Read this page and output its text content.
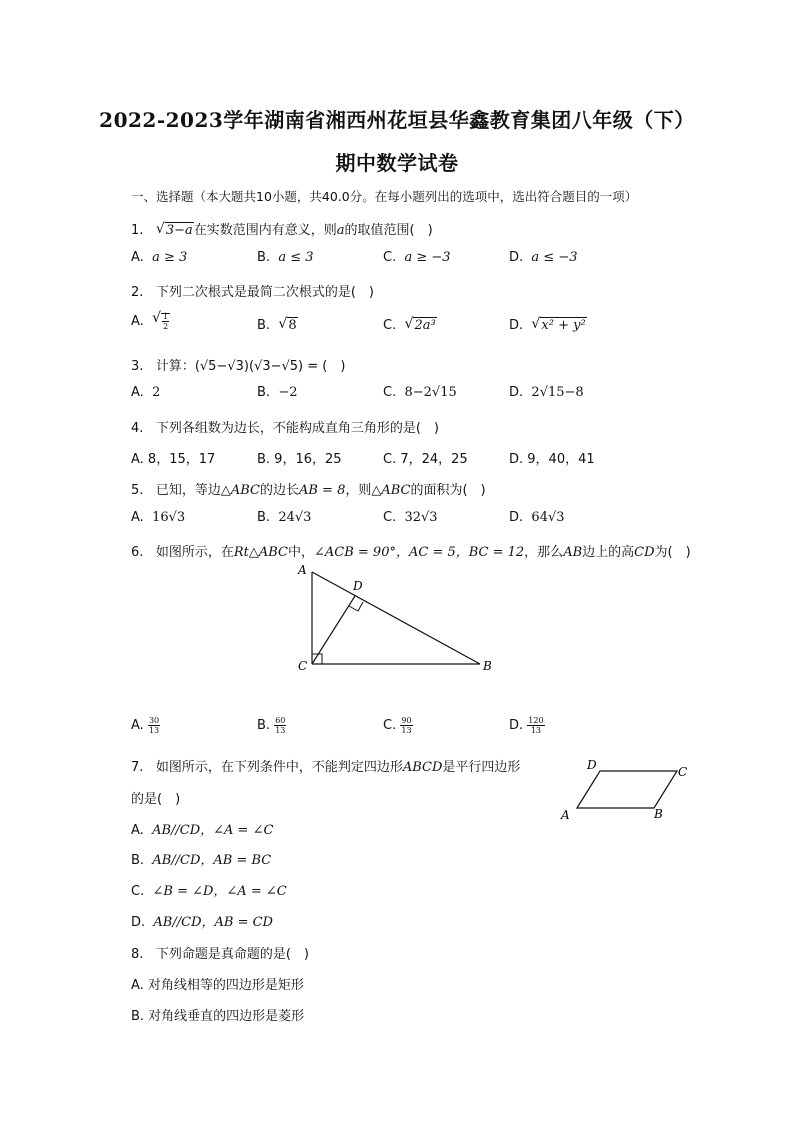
2022-2023学年湖南省湘西州花垣县华鑫教育集团八年级（下）
期中数学试卷
一、选择题（本大题共10小题，共40.0分。在每小题列出的选项中，选出符合题目的一项）
1. √ 3−a在实数范围内有意义，则a的取值范围(　)
A. a ≥ 3	B. a ≤ 3	C. a ≥ −3	D. a ≤ −3
2. 下列二次根式是最简二次根式的是(　)
A. √ $\frac{1}{2}$	B. √ 8	C. √ 2a³	D. √ x² + y²
3. 计算：(√5−√3)(√3−√5) = (　)
A. 2	B. −2	C. 8−2√15	D. 2√15−8
4. 下列各组数为边长，不能构成直角三角形的是(　)
A. 8，15，17	B. 9，16，25	C. 7，24，25	D. 9，40，41
5. 已知，等边△ABC的边长AB = 8，则△ABC的面积为(　)
A. 16√3	B. 24√3	C. 32√3	D. 64√3
6. 如图所示，在Rt△ABC中，∠ACB = 90°，AC = 5，BC = 12，那么AB边上的高CD为(　)
A
D
C	B
A. $\frac{30}{13}$	B. $\frac{60}{13}$	C. $\frac{90}{13}$	D. $\frac{120}{13}$
7. 如图所示，在下列条件中，不能判定四边形ABCD是平行四边形
的是(　)
D	C
A	B
A. AB//CD，∠A = ∠C
B. AB//CD，AB = BC
C. ∠B = ∠D，∠A = ∠C
D. AB//CD，AB = CD
8. 下列命题是真命题的是(　)
A. 对角线相等的四边形是矩形
B. 对角线垂直的四边形是菱形
